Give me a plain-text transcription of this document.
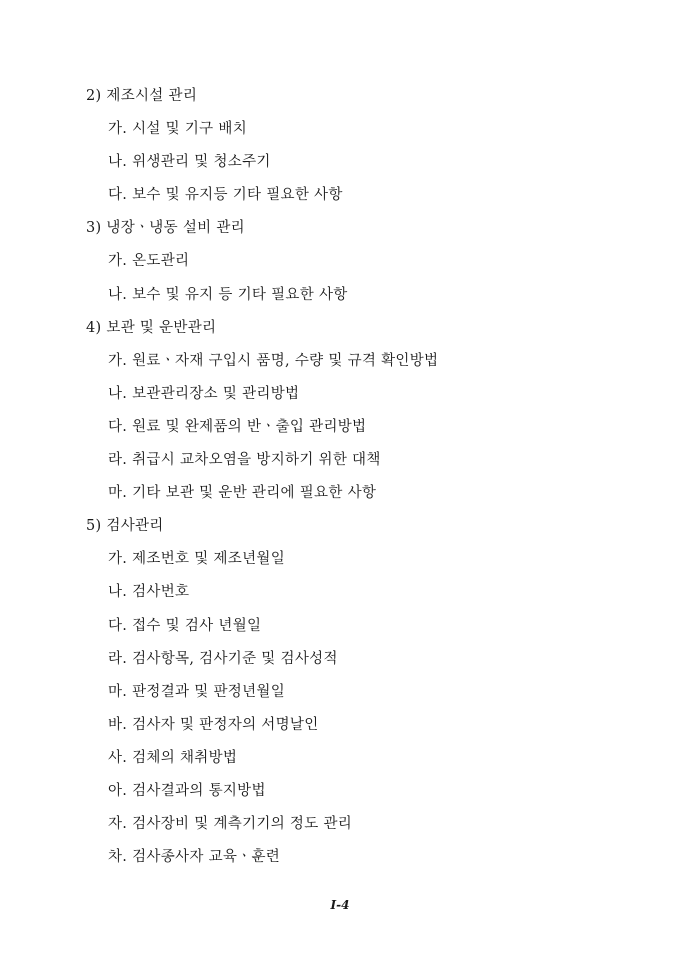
2) 제조시설 관리
가. 시설 및 기구 배치
나. 위생관리 및 청소주기
다. 보수 및 유지등 기타 필요한 사항
3) 냉장ㆍ냉동 설비 관리
가. 온도관리
나. 보수 및 유지 등 기타 필요한 사항
4) 보관 및 운반관리
가. 원료ㆍ자재 구입시 품명, 수량 및 규격 확인방법
나. 보관관리장소 및 관리방법
다. 원료 및 완제품의 반ㆍ출입 관리방법
라. 취급시 교차오염을 방지하기 위한 대책
마. 기타 보관 및 운반 관리에 필요한 사항
5) 검사관리
가. 제조번호 및 제조년월일
나. 검사번호
다. 접수 및 검사 년월일
라. 검사항목, 검사기준 및 검사성적
마. 판정결과 및 판정년월일
바. 검사자 및 판정자의 서명날인
사. 검체의 채취방법
아. 검사결과의 통지방법
자. 검사장비 및 계측기기의 정도 관리
차. 검사종사자 교육ㆍ훈련
I-4
